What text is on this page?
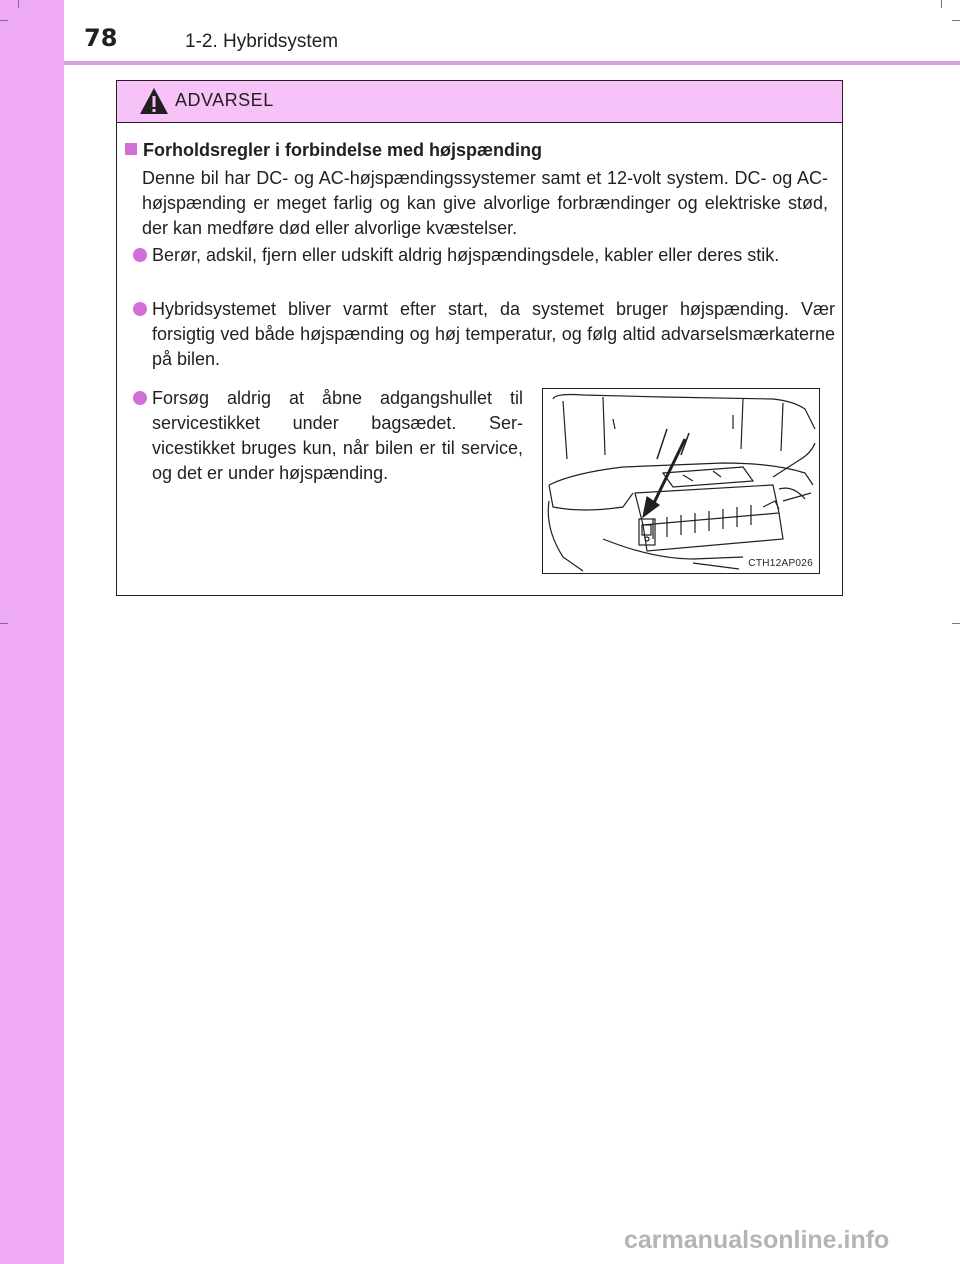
78	1-2. Hybridsystem
ADVARSEL
Forholdsregler i forbindelse med højspænding
Denne bil har DC- og AC-højspændingssystemer samt et 12-volt system. DC- og AC-højspænding er meget farlig og kan give alvorlige forbrændinger og elektriske stød, der kan medføre død eller alvorlige kvæstelser.
Berør, adskil, fjern eller udskift aldrig højspændingsdele, kabler eller deres stik.
Hybridsystemet bliver varmt efter start, da systemet bruger højspænding. Vær forsigtig ved både højspænding og høj temperatur, og følg altid advarselsmærkaterne på bilen.
Forsøg aldrig at åbne adgangshullet til servicestikket under bagsædet. Ser-vicestikket bruges kun, når bilen er til service, og det er under højspænding.
CTH12AP026
carmanualsonline.info
